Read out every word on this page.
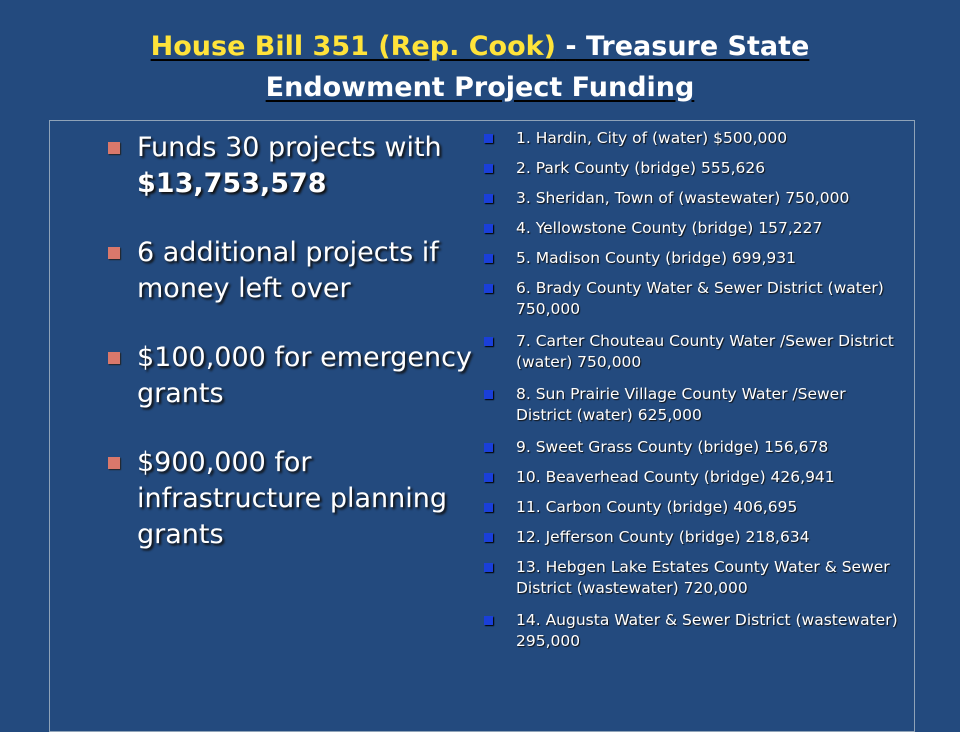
House Bill 351 (Rep. Cook) - Treasure State
Endowment Project Funding
Funds 30 projects with $13,753,578
6 additional projects if money left over
$100,000 for emergency grants
$900,000 for infrastructure planning grants
1. Hardin, City of (water) $500,000
2. Park County (bridge) 555,626
3. Sheridan, Town of (wastewater) 750,000
4. Yellowstone County (bridge) 157,227
5. Madison County (bridge) 699,931
6. Brady County Water & Sewer District (water) 750,000
7. Carter Chouteau County Water /Sewer District (water) 750,000
8. Sun Prairie Village County Water /Sewer District (water) 625,000
9. Sweet Grass County (bridge) 156,678
10. Beaverhead County (bridge) 426,941
11. Carbon County (bridge) 406,695
12. Jefferson County (bridge) 218,634
13. Hebgen Lake Estates County Water & Sewer District (wastewater) 720,000
14. Augusta Water & Sewer District (wastewater) 295,000
